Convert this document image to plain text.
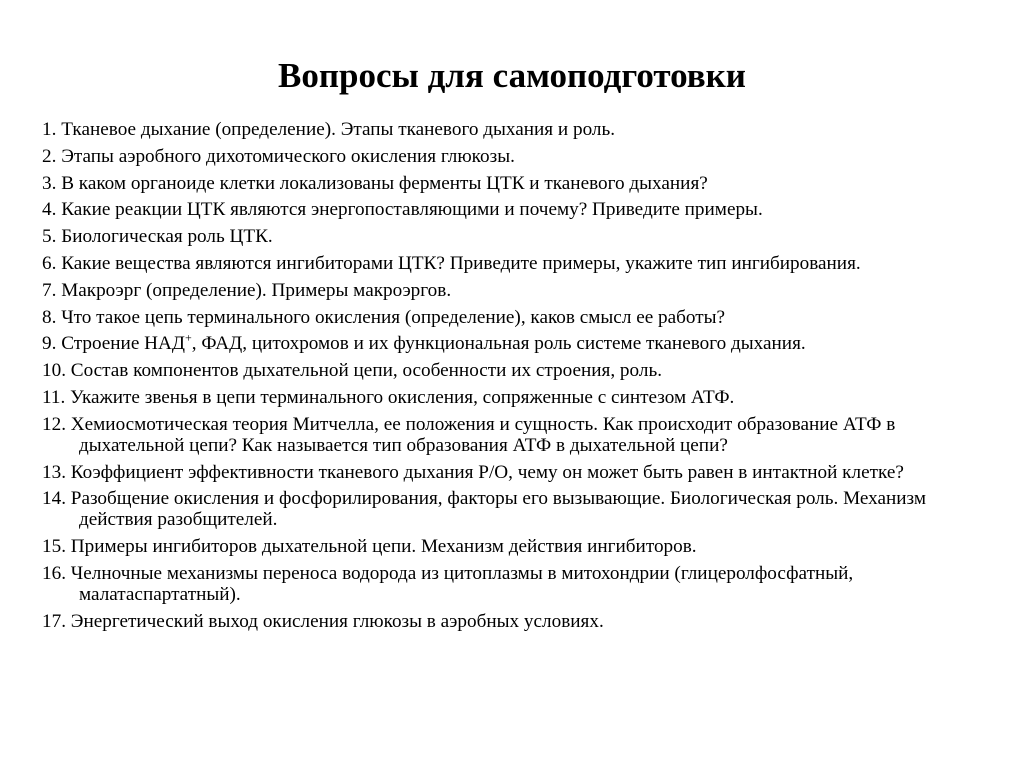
Вопросы для самоподготовки
1. Тканевое дыхание (определение). Этапы тканевого дыхания и роль.
2. Этапы аэробного дихотомического окисления глюкозы.
3. В каком органоиде клетки локализованы ферменты ЦТК и тканевого дыхания?
4. Какие реакции ЦТК являются энергопоставляющими и почему? Приведите примеры.
5. Биологическая роль ЦТК.
6. Какие вещества являются ингибиторами ЦТК? Приведите примеры, укажите тип ингибирования.
7. Макроэрг (определение). Примеры макроэргов.
8. Что такое цепь терминального окисления (определение), каков смысл ее работы?
9. Строение НАД+, ФАД, цитохромов и их функциональная роль системе тканевого дыхания.
10. Состав компонентов дыхательной цепи, особенности их строения, роль.
11. Укажите звенья в цепи терминального окисления, сопряженные с синтезом АТФ.
12. Хемиосмотическая теория Митчелла, ее положения и сущность. Как происходит образование АТФ в дыхательной цепи? Как называется тип образования АТФ в дыхательной цепи?
13. Коэффициент эффективности тканевого дыхания Р/О, чему он может быть равен в интактной клетке?
14. Разобщение окисления и фосфорилирования, факторы его вызывающие. Биологическая роль. Механизм действия разобщителей.
15. Примеры ингибиторов дыхательной цепи. Механизм действия ингибиторов.
16. Челночные механизмы переноса водорода из цитоплазмы в митохондрии (глицеролфосфатный, малатаспартатный).
17. Энергетический выход окисления глюкозы в аэробных условиях.
